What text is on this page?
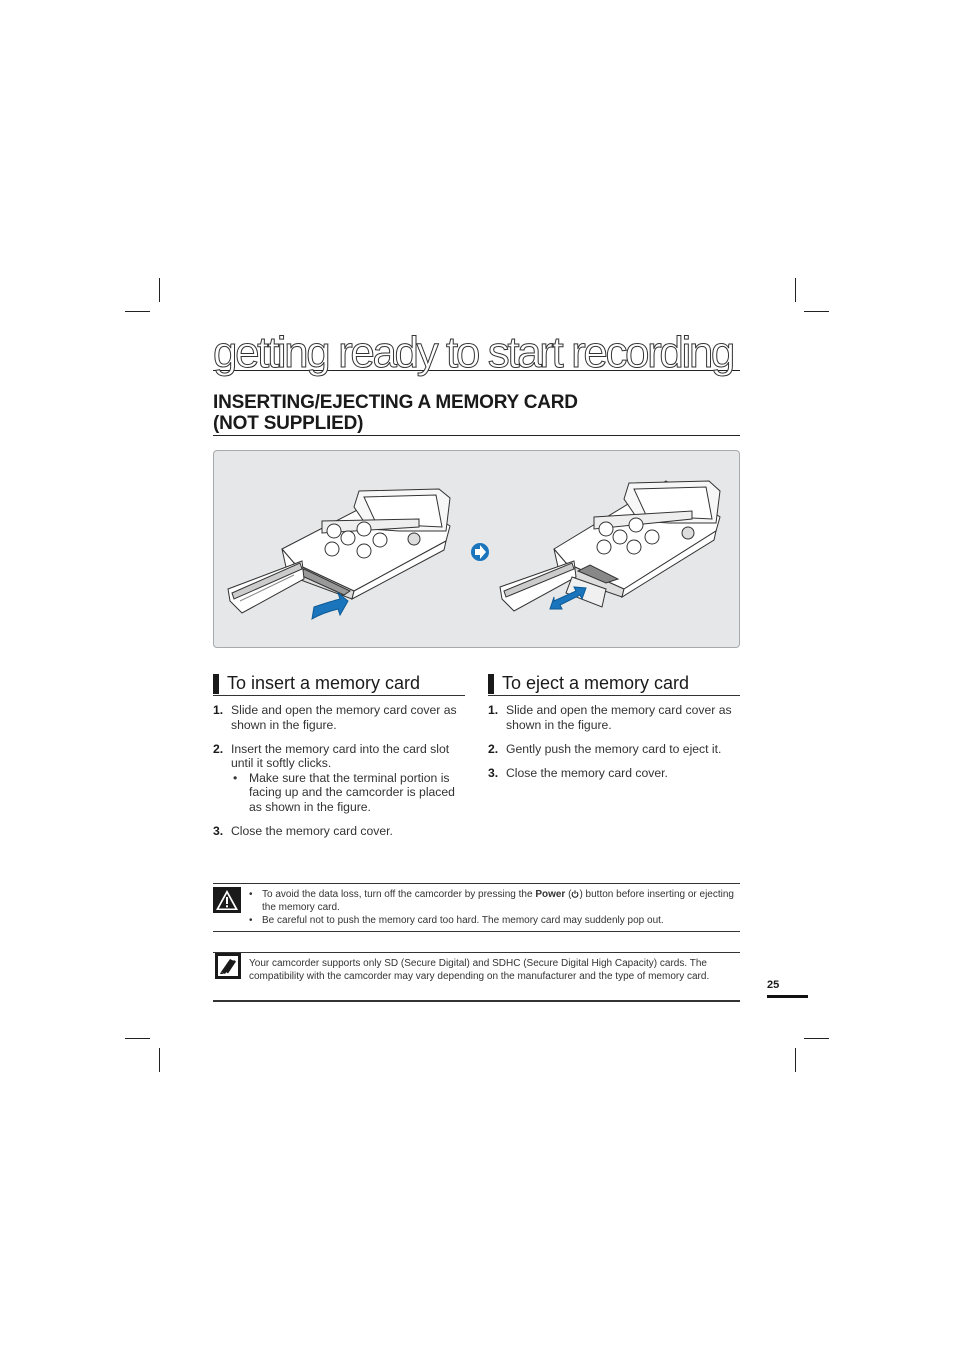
getting ready to start recording
INSERTING/EJECTING A MEMORY CARD
(NOT SUPPLIED)
To insert a memory card
1. Slide and open the memory card cover as shown in the figure.
2. Insert the memory card into the card slot until it softly clicks.
• Make sure that the terminal portion is facing up and the camcorder is placed as shown in the figure.
3. Close the memory card cover.
To eject a memory card
1. Slide and open the memory card cover as shown in the figure.
2. Gently push the memory card to eject it.
3. Close the memory card cover.
• To avoid the data loss, turn off the camcorder by pressing the Power ( ) button before inserting or ejecting the memory card.
• Be careful not to push the memory card too hard. The memory card may suddenly pop out.

Your camcorder supports only SD (Secure Digital) and SDHC (Secure Digital High Capacity) cards. The compatibility with the camcorder may vary depending on the manufacturer and the type of memory card.

25
